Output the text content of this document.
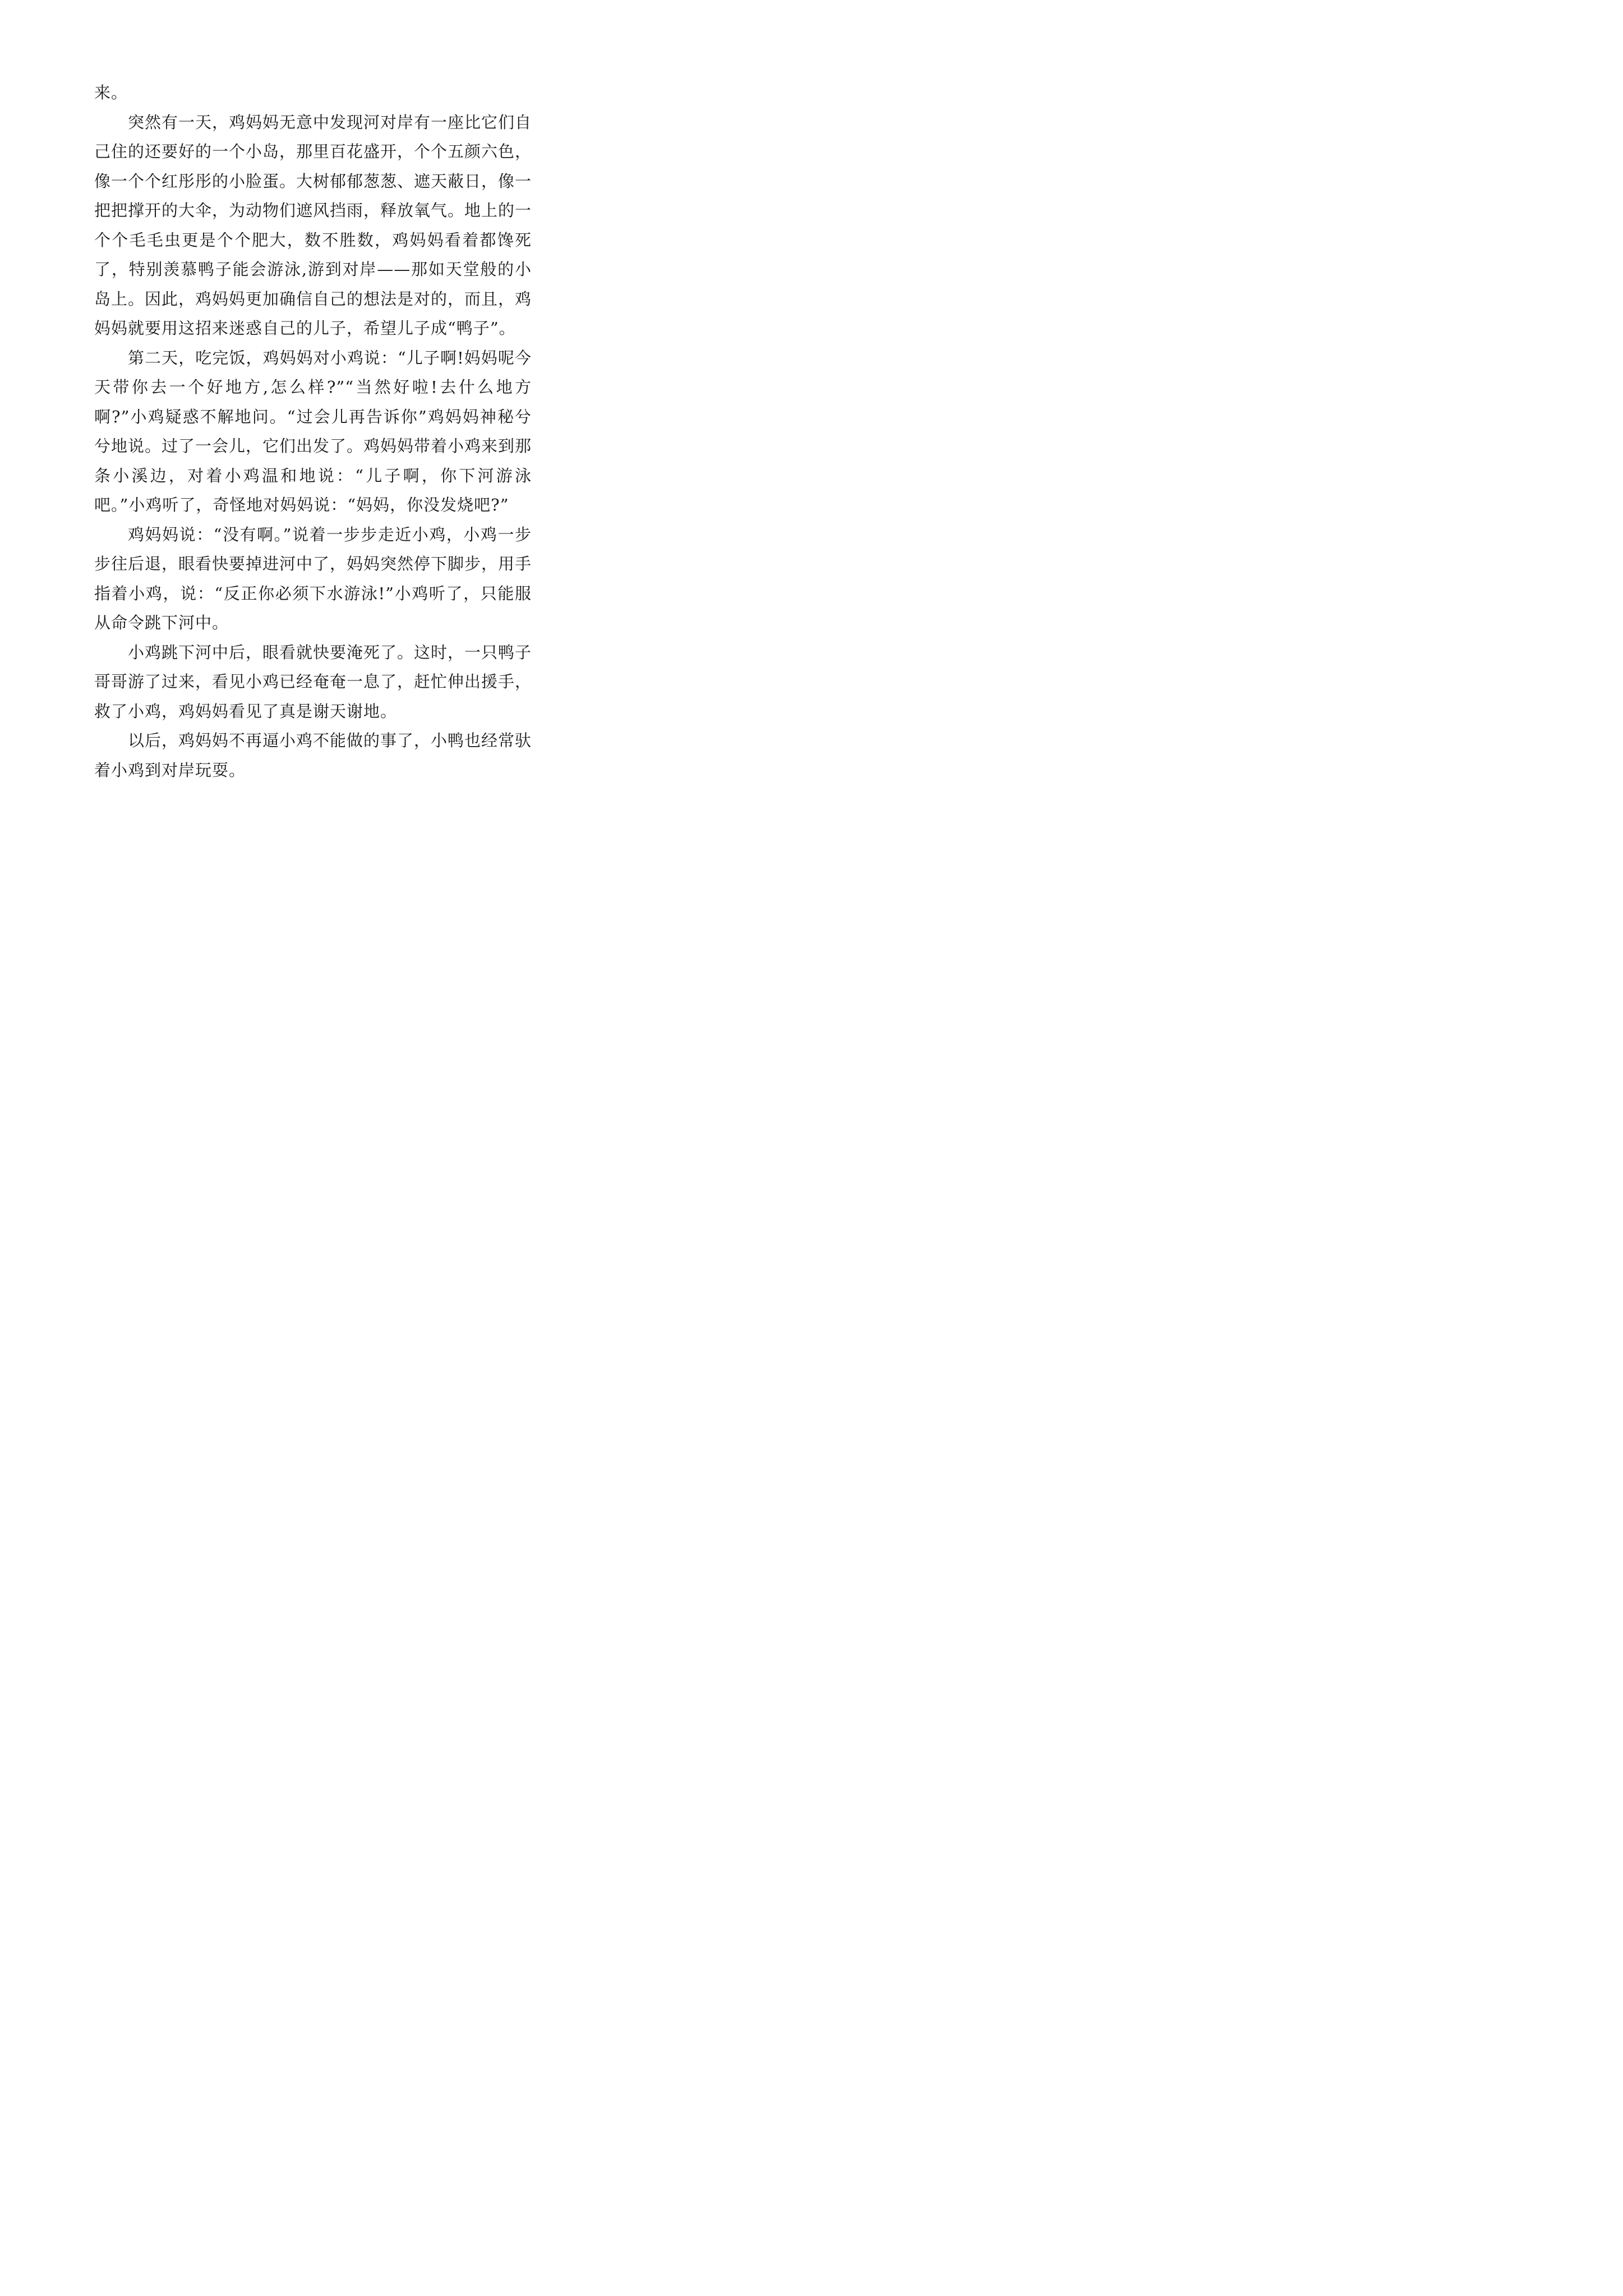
来。

突然有一天，鸡妈妈无意中发现河对岸有一座比它们自己住的还要好的一个小岛，那里百花盛开，个个五颜六色，像一个个红彤彤的小脸蛋。大树郁郁葱葱、遮天蔽日，像一把把撑开的大伞，为动物们遮风挡雨，释放氧气。地上的一个个毛毛虫更是个个肥大，数不胜数，鸡妈妈看着都馋死了，特别羡慕鸭子能会游泳,游到对岸——那如天堂般的小岛上。因此，鸡妈妈更加确信自己的想法是对的，而且，鸡妈妈就要用这招来迷惑自己的儿子，希望儿子成“鸭子”。

第二天，吃完饭，鸡妈妈对小鸡说：“儿子啊!妈妈呢今天带你去一个好地方,怎么样?”“当然好啦!去什么地方啊?”小鸡疑惑不解地问。“过会儿再告诉你”鸡妈妈神秘兮兮地说。过了一会儿，它们出发了。鸡妈妈带着小鸡来到那条小溪边，对着小鸡温和地说：“儿子啊，你下河游泳吧。”小鸡听了，奇怪地对妈妈说：“妈妈，你没发烧吧?”

鸡妈妈说：“没有啊。”说着一步步走近小鸡，小鸡一步步往后退，眼看快要掉进河中了，妈妈突然停下脚步，用手指着小鸡，说：“反正你必须下水游泳!”小鸡听了，只能服从命令跳下河中。

小鸡跳下河中后，眼看就快要淹死了。这时，一只鸭子哥哥游了过来，看见小鸡已经奄奄一息了，赶忙伸出援手，救了小鸡，鸡妈妈看见了真是谢天谢地。

以后，鸡妈妈不再逼小鸡不能做的事了，小鸭也经常驮着小鸡到对岸玩耍。
